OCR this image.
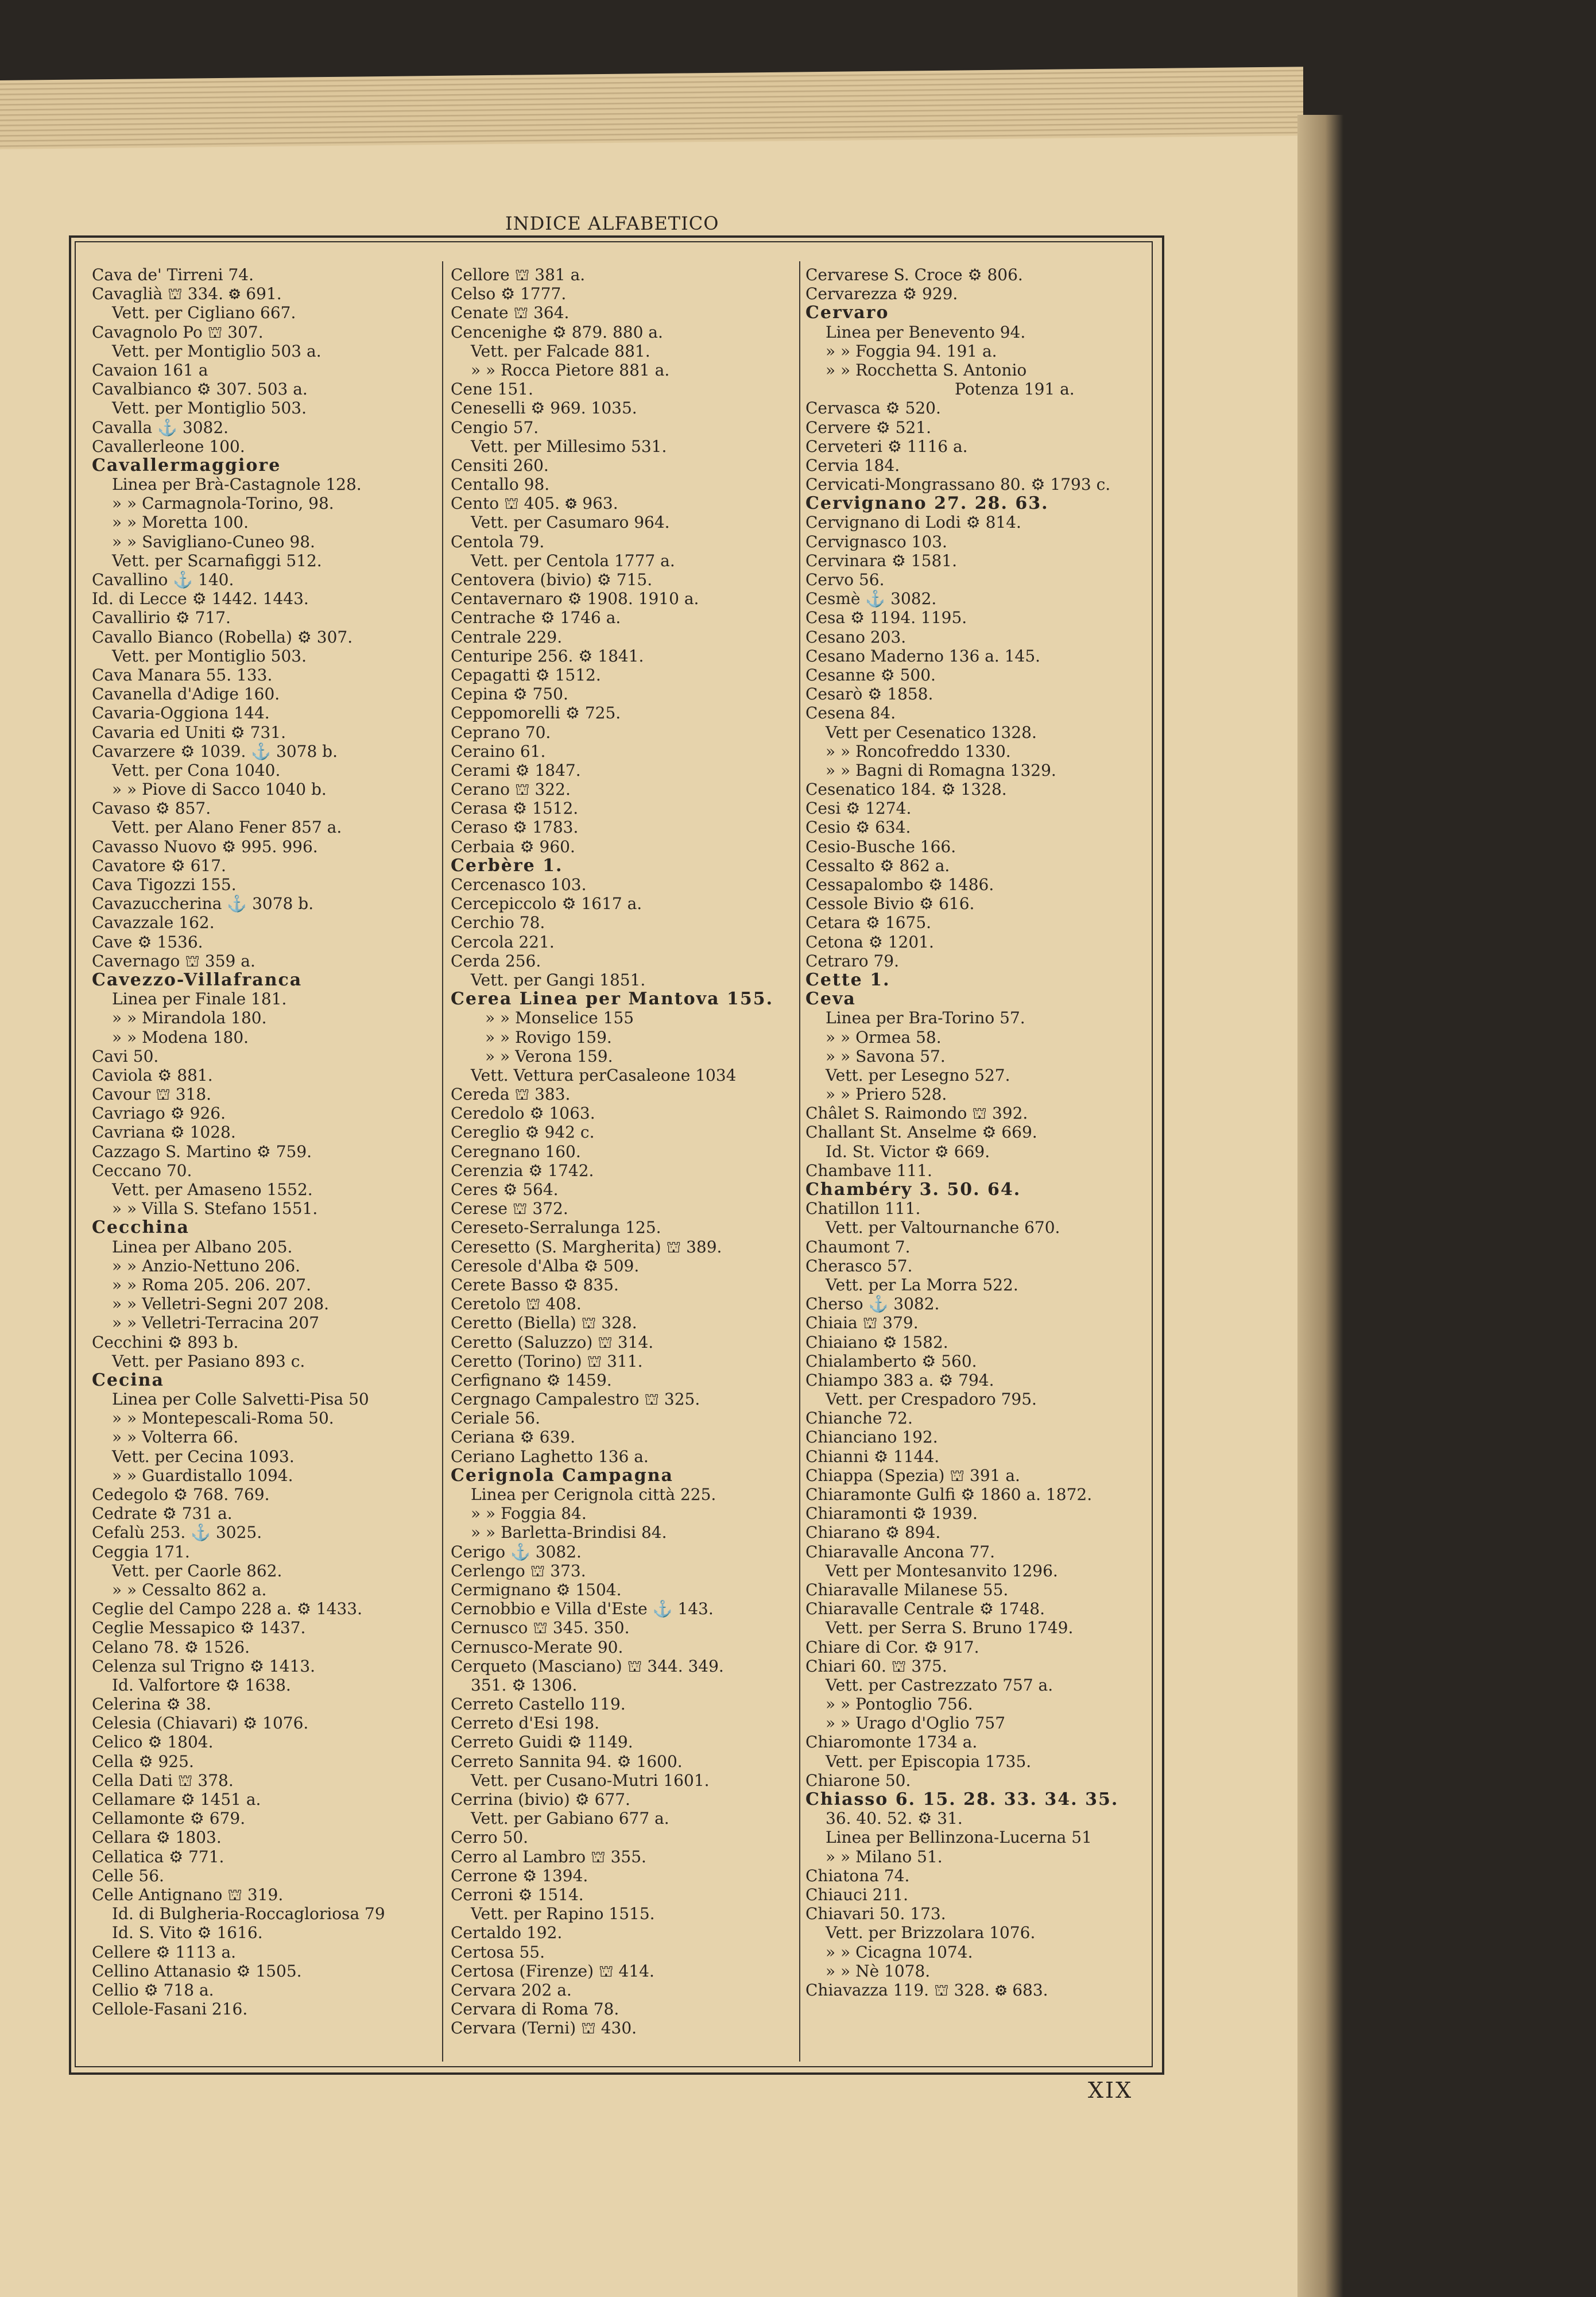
INDICE ALFABETICO
Cava de' Tirreni 74.
Cavaglià ⛫ 334. ⚙ 691.
Vett. per Cigliano 667.
Cavagnolo Po ⛫ 307.
Vett. per Montiglio 503 a.
Cavaion 161 a
Cavalbianco ⚙ 307. 503 a.
Vett. per Montiglio 503.
Cavalla ⚓ 3082.
Cavallerleone 100.
Cavallermaggiore
Linea per Brà-Castagnole 128.
» » Carmagnola-Torino, 98.
» » Moretta 100.
» » Savigliano-Cuneo 98.
Vett. per Scarnafiggi 512.
Cavallino ⚓ 140.
Id. di Lecce ⚙ 1442. 1443.
Cavallirio ⚙ 717.
Cavallo Bianco (Robella) ⚙ 307.
Vett. per Montiglio 503.
Cava Manara 55. 133.
Cavanella d'Adige 160.
Cavaria-Oggiona 144.
Cavaria ed Uniti ⚙ 731.
Cavarzere ⚙ 1039. ⚓ 3078 b.
Vett. per Cona 1040.
» » Piove di Sacco 1040 b.
Cavaso ⚙ 857.
Vett. per Alano Fener 857 a.
Cavasso Nuovo ⚙ 995. 996.
Cavatore ⚙ 617.
Cava Tigozzi 155.
Cavazuccherina ⚓ 3078 b.
Cavazzale 162.
Cave ⚙ 1536.
Cavernago ⛫ 359 a.
Cavezzo-Villafranca
Linea per Finale 181.
» » Mirandola 180.
» » Modena 180.
Cavi 50.
Caviola ⚙ 881.
Cavour ⛫ 318.
Cavriago ⚙ 926.
Cavriana ⚙ 1028.
Cazzago S. Martino ⚙ 759.
Ceccano 70.
Vett. per Amaseno 1552.
» » Villa S. Stefano 1551.
Cecchina
Linea per Albano 205.
» » Anzio-Nettuno 206.
» » Roma 205. 206. 207.
» » Velletri-Segni 207 208.
» » Velletri-Terracina 207
Cecchini ⚙ 893 b.
Vett. per Pasiano 893 c.
Cecina
Linea per Colle Salvetti-Pisa 50
» » Montepescali-Roma 50.
» » Volterra 66.
Vett. per Cecina 1093.
» » Guardistallo 1094.
Cedegolo ⚙ 768. 769.
Cedrate ⚙ 731 a.
Cefalù 253. ⚓ 3025.
Ceggia 171.
Vett. per Caorle 862.
» » Cessalto 862 a.
Ceglie del Campo 228 a. ⚙ 1433.
Ceglie Messapico ⚙ 1437.
Celano 78. ⚙ 1526.
Celenza sul Trigno ⚙ 1413.
Id. Valfortore ⚙ 1638.
Celerina ⚙ 38.
Celesia (Chiavari) ⚙ 1076.
Celico ⚙ 1804.
Cella ⚙ 925.
Cella Dati ⛫ 378.
Cellamare ⚙ 1451 a.
Cellamonte ⚙ 679.
Cellara ⚙ 1803.
Cellatica ⚙ 771.
Celle 56.
Celle Antignano ⛫ 319.
Id. di Bulgheria-Roccagloriosa 79
Id. S. Vito ⚙ 1616.
Cellere ⚙ 1113 a.
Cellino Attanasio ⚙ 1505.
Cellio ⚙ 718 a.
Cellole-Fasani 216.
Cellore ⛫ 381 a.
Celso ⚙ 1777.
Cenate ⛫ 364.
Cencenighe ⚙ 879. 880 a.
Vett. per Falcade 881.
» » Rocca Pietore 881 a.
Cene 151.
Ceneselli ⚙ 969. 1035.
Cengio 57.
Vett. per Millesimo 531.
Censiti 260.
Centallo 98.
Cento ⛫ 405. ⚙ 963.
Vett. per Casumaro 964.
Centola 79.
Vett. per Centola 1777 a.
Centovera (bivio) ⚙ 715.
Centavernaro ⚙ 1908. 1910 a.
Centrache ⚙ 1746 a.
Centrale 229.
Centuripe 256. ⚙ 1841.
Cepagatti ⚙ 1512.
Cepina ⚙ 750.
Ceppomorelli ⚙ 725.
Ceprano 70.
Ceraino 61.
Cerami ⚙ 1847.
Cerano ⛫ 322.
Cerasa ⚙ 1512.
Ceraso ⚙ 1783.
Cerbaia ⚙ 960.
Cerbère 1.
Cercenasco 103.
Cercepiccolo ⚙ 1617 a.
Cerchio 78.
Cercola 221.
Cerda 256.
Vett. per Gangi 1851.
Cerea Linea per Mantova 155.
» » Monselice 155
» » Rovigo 159.
» » Verona 159.
Vett. Vettura perCasaleone 1034
Cereda ⛫ 383.
Ceredolo ⚙ 1063.
Cereglio ⚙ 942 c.
Ceregnano 160.
Cerenzia ⚙ 1742.
Ceres ⚙ 564.
Cerese ⛫ 372.
Cereseto-Serralunga 125.
Ceresetto (S. Margherita) ⛫ 389.
Ceresole d'Alba ⚙ 509.
Cerete Basso ⚙ 835.
Ceretolo ⛫ 408.
Ceretto (Biella) ⛫ 328.
Ceretto (Saluzzo) ⛫ 314.
Ceretto (Torino) ⛫ 311.
Cerfignano ⚙ 1459.
Cergnago Campalestro ⛫ 325.
Ceriale 56.
Ceriana ⚙ 639.
Ceriano Laghetto 136 a.
Cerignola Campagna
Linea per Cerignola città 225.
» » Foggia 84.
» » Barletta-Brindisi 84.
Cerigo ⚓ 3082.
Cerlengo ⛫ 373.
Cermignano ⚙ 1504.
Cernobbio e Villa d'Este ⚓ 143.
Cernusco ⛫ 345. 350.
Cernusco-Merate 90.
Cerqueto (Masciano) ⛫ 344. 349.
351. ⚙ 1306.
Cerreto Castello 119.
Cerreto d'Esi 198.
Cerreto Guidi ⚙ 1149.
Cerreto Sannita 94. ⚙ 1600.
Vett. per Cusano-Mutri 1601.
Cerrina (bivio) ⚙ 677.
Vett. per Gabiano 677 a.
Cerro 50.
Cerro al Lambro ⛫ 355.
Cerrone ⚙ 1394.
Cerroni ⚙ 1514.
Vett. per Rapino 1515.
Certaldo 192.
Certosa 55.
Certosa (Firenze) ⛫ 414.
Cervara 202 a.
Cervara di Roma 78.
Cervara (Terni) ⛫ 430.
Cervarese S. Croce ⚙ 806.
Cervarezza ⚙ 929.
Cervaro
Linea per Benevento 94.
» » Foggia 94. 191 a.
» » Rocchetta S. Antonio
Potenza 191 a.
Cervasca ⚙ 520.
Cervere ⚙ 521.
Cerveteri ⚙ 1116 a.
Cervia 184.
Cervicati-Mongrassano 80. ⚙ 1793 c.
Cervignano 27. 28. 63.
Cervignano di Lodi ⚙ 814.
Cervignasco 103.
Cervinara ⚙ 1581.
Cervo 56.
Cesmè ⚓ 3082.
Cesa ⚙ 1194. 1195.
Cesano 203.
Cesano Maderno 136 a. 145.
Cesanne ⚙ 500.
Cesarò ⚙ 1858.
Cesena 84.
Vett per Cesenatico 1328.
» » Roncofreddo 1330.
» » Bagni di Romagna 1329.
Cesenatico 184. ⚙ 1328.
Cesi ⚙ 1274.
Cesio ⚙ 634.
Cesio-Busche 166.
Cessalto ⚙ 862 a.
Cessapalombo ⚙ 1486.
Cessole Bivio ⚙ 616.
Cetara ⚙ 1675.
Cetona ⚙ 1201.
Cetraro 79.
Cette 1.
Ceva
Linea per Bra-Torino 57.
» » Ormea 58.
» » Savona 57.
Vett. per Lesegno 527.
» » Priero 528.
Châlet S. Raimondo ⛫ 392.
Challant St. Anselme ⚙ 669.
Id. St. Victor ⚙ 669.
Chambave 111.
Chambéry 3. 50. 64.
Chatillon 111.
Vett. per Valtournanche 670.
Chaumont 7.
Cherasco 57.
Vett. per La Morra 522.
Cherso ⚓ 3082.
Chiaia ⛫ 379.
Chiaiano ⚙ 1582.
Chialamberto ⚙ 560.
Chiampo 383 a. ⚙ 794.
Vett. per Crespadoro 795.
Chianche 72.
Chianciano 192.
Chianni ⚙ 1144.
Chiappa (Spezia) ⛫ 391 a.
Chiaramonte Gulfi ⚙ 1860 a. 1872.
Chiaramonti ⚙ 1939.
Chiarano ⚙ 894.
Chiaravalle Ancona 77.
Vett per Montesanvito 1296.
Chiaravalle Milanese 55.
Chiaravalle Centrale ⚙ 1748.
Vett. per Serra S. Bruno 1749.
Chiare di Cor. ⚙ 917.
Chiari 60. ⛫ 375.
Vett. per Castrezzato 757 a.
» » Pontoglio 756.
» » Urago d'Oglio 757
Chiaromonte 1734 a.
Vett. per Episcopia 1735.
Chiarone 50.
Chiasso 6. 15. 28. 33. 34. 35.
36. 40. 52. ⚙ 31.
Linea per Bellinzona-Lucerna 51
» » Milano 51.
Chiatona 74.
Chiauci 211.
Chiavari 50. 173.
Vett. per Brizzolara 1076.
» » Cicagna 1074.
» » Nè 1078.
Chiavazza 119. ⛫ 328. ⚙ 683.
XIX
